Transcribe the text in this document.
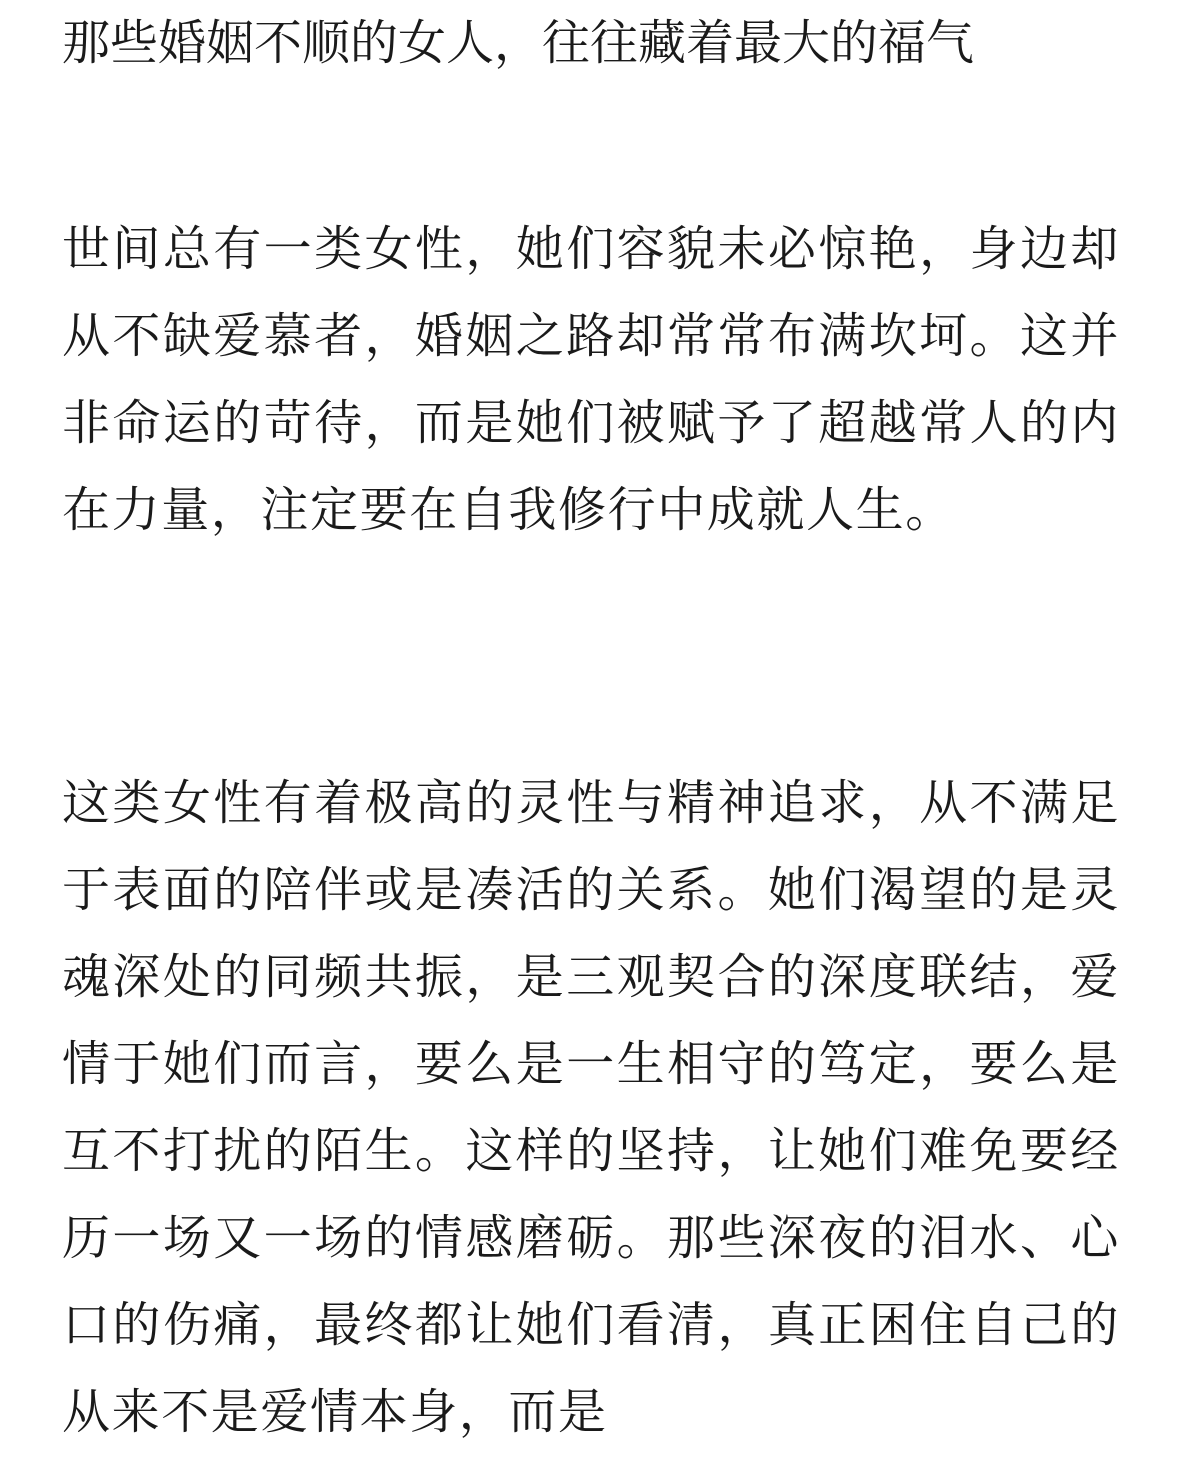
那些婚姻不顺的女人，往往藏着最大的福气

世间总有一类女性，她们容貌未必惊艳，身边却从不缺爱慕者，婚姻之路却常常布满坎坷。这并非命运的苛待，而是她们被赋予了超越常人的内在力量，注定要在自我修行中成就人生。

这类女性有着极高的灵性与精神追求，从不满足于表面的陪伴或是凑活的关系。她们渴望的是灵魂深处的同频共振，是三观契合的深度联结，爱情于她们而言，要么是一生相守的笃定，要么是互不打扰的陌生。这样的坚持，让她们难免要经历一场又一场的情感磨砺。那些深夜的泪水、心口的伤痛，最终都让她们看清，真正困住自己的从来不是爱情本身，而是
